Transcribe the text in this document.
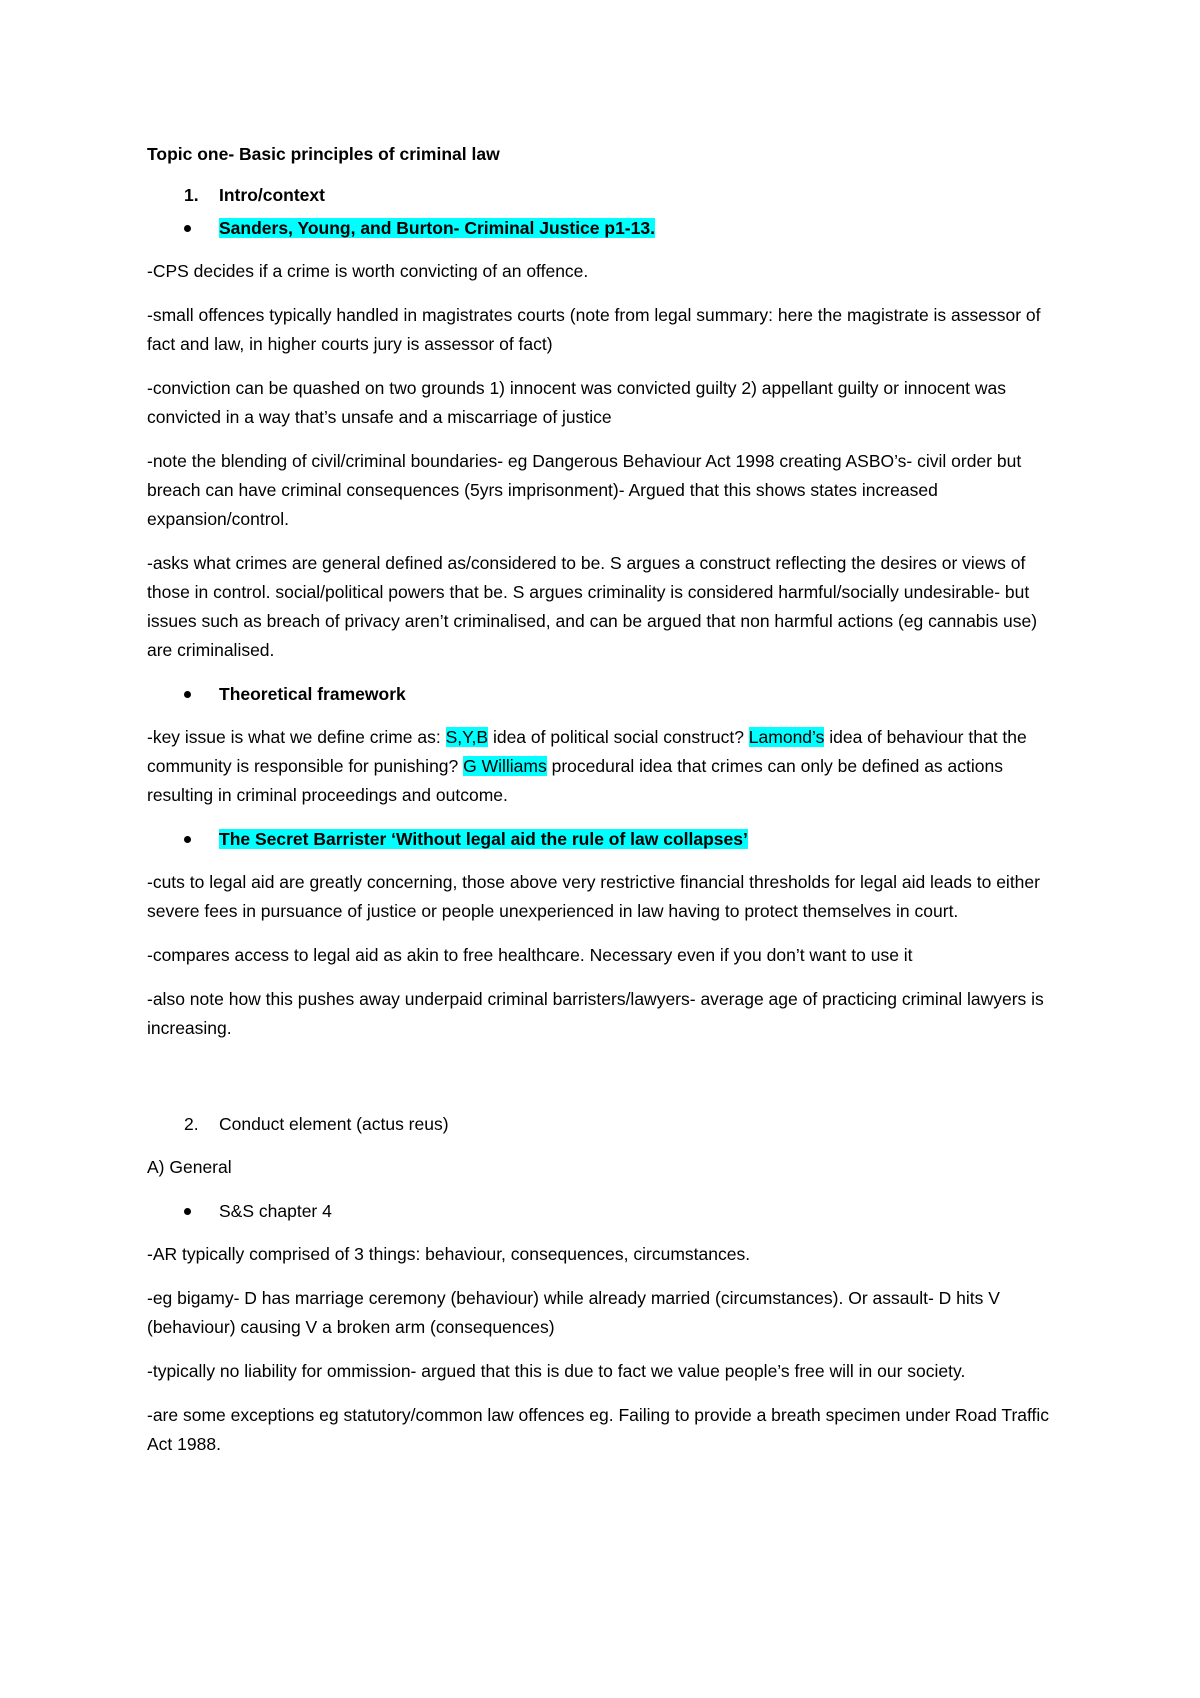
Topic one- Basic principles of criminal law
1. Intro/context
Sanders, Young, and Burton- Criminal Justice p1-13.

-CPS decides if a crime is worth convicting of an offence.

-small offences typically handled in magistrates courts (note from legal summary: here the magistrate is assessor of fact and law, in higher courts jury is assessor of fact)

-conviction can be quashed on two grounds 1) innocent was convicted guilty 2) appellant guilty or innocent was convicted in a way that’s unsafe and a miscarriage of justice

-note the blending of civil/criminal boundaries- eg Dangerous Behaviour Act 1998 creating ASBO’s- civil order but breach can have criminal consequences (5yrs imprisonment)- Argued that this shows states increased expansion/control.

-asks what crimes are general defined as/considered to be. S argues a construct reflecting the desires or views of those in control. social/political powers that be. S argues criminality is considered harmful/socially undesirable- but issues such as breach of privacy aren’t criminalised, and can be argued that non harmful actions (eg cannabis use) are criminalised.

Theoretical framework

-key issue is what we define crime as: S,Y,B idea of political social construct? Lamond’s idea of behaviour that the community is responsible for punishing? G Williams procedural idea that crimes can only be defined as actions resulting in criminal proceedings and outcome.

The Secret Barrister ‘Without legal aid the rule of law collapses’

-cuts to legal aid are greatly concerning, those above very restrictive financial thresholds for legal aid leads to either severe fees in pursuance of justice or people unexperienced in law having to protect themselves in court.

-compares access to legal aid as akin to free healthcare. Necessary even if you don’t want to use it

-also note how this pushes away underpaid criminal barristers/lawyers- average age of practicing criminal lawyers is increasing.

2. Conduct element (actus reus)

A) General

S&S chapter 4

-AR typically comprised of 3 things: behaviour, consequences, circumstances.

-eg bigamy- D has marriage ceremony (behaviour) while already married (circumstances). Or assault- D hits V (behaviour) causing V a broken arm (consequences)

-typically no liability for ommission- argued that this is due to fact we value people’s free will in our society.

-are some exceptions eg statutory/common law offences eg. Failing to provide a breath specimen under Road Traffic Act 1988.
